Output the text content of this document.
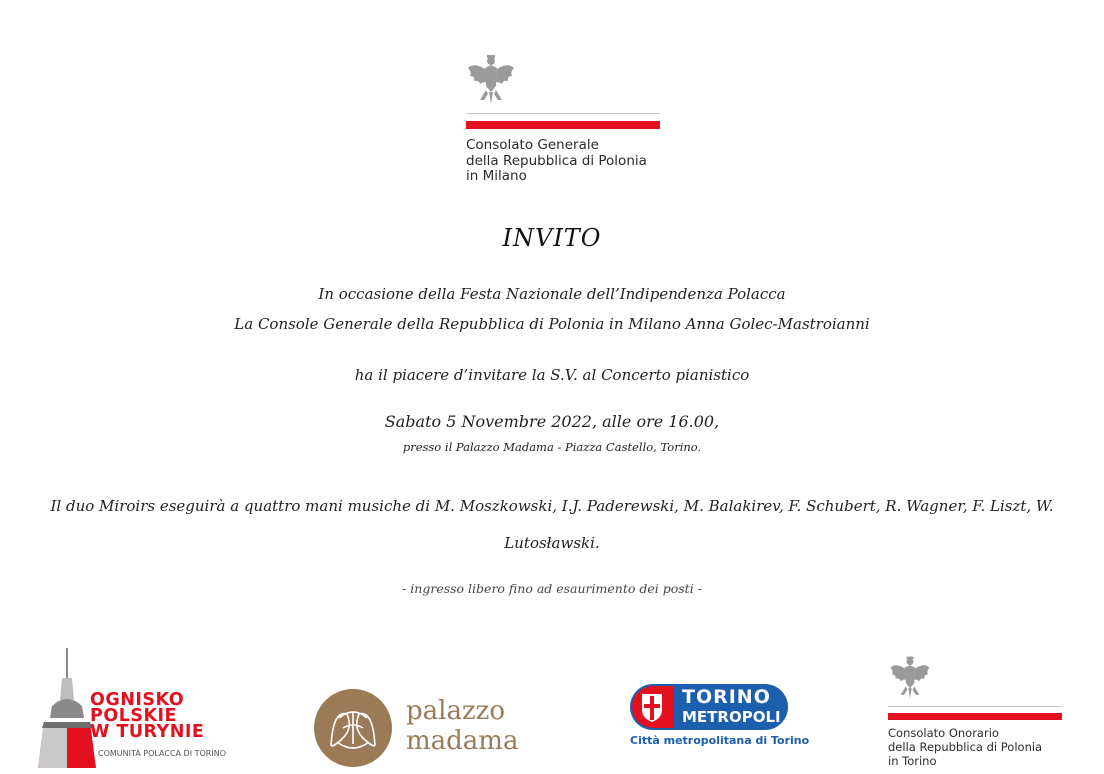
Consolato Generale
della Repubblica di Polonia
in Milano
INVITO
In occasione della Festa Nazionale dell’Indipendenza Polacca
La Console Generale della Repubblica di Polonia in Milano Anna Golec-Mastroianni
ha il piacere d’invitare la S.V. al Concerto pianistico
Sabato 5 Novembre 2022, alle ore 16.00,
presso il Palazzo Madama - Piazza Castello, Torino.
Il duo Miroirs eseguirà a quattro mani musiche di M. Moszkowski, I.J. Paderewski, M. Balakirev, F. Schubert, R. Wagner, F. Liszt, W. Lutosławski.
- ingresso libero fino ad esaurimento dei posti -
OGNISKO
POLSKIE
W TURYNIE
COMUNITÀ POLACCA DI TORINO
palazzo
madama
TORINO
METROPOLI
Città metropolitana di Torino
Consolato Onorario
della Repubblica di Polonia
in Torino
